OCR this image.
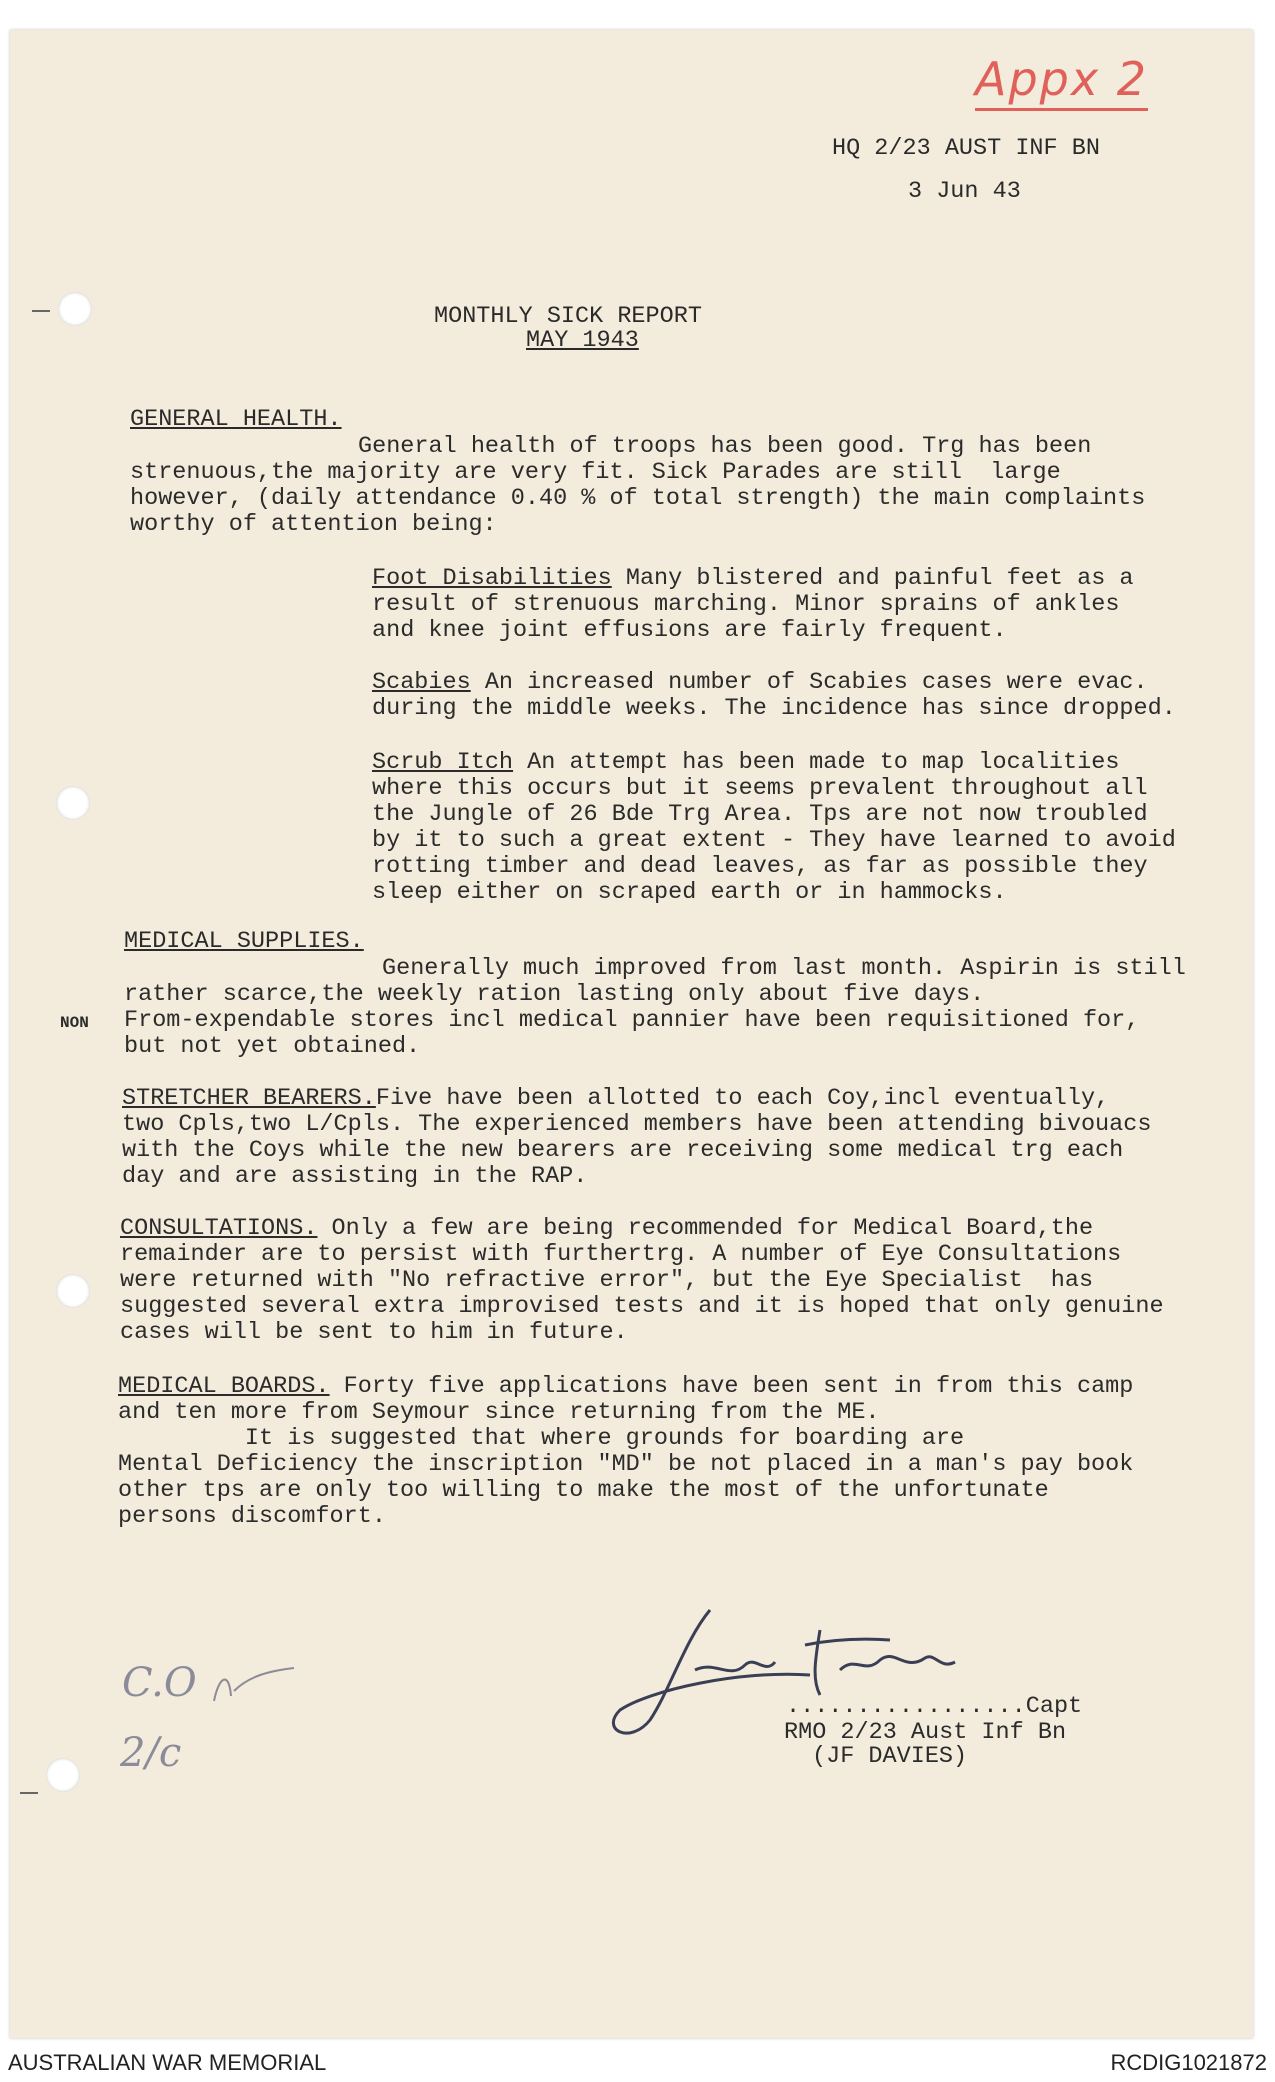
Appx 2
HQ 2/23 AUST INF BN
3 Jun 43
MONTHLY SICK REPORT
MAY 1943
GENERAL HEALTH.
General health of troops has been good. Trg has been
strenuous,the majority are very fit. Sick Parades are still  large
however, (daily attendance 0.40 % of total strength) the main complaints
worthy of attention being:
Foot Disabilities Many blistered and painful feet as a
result of strenuous marching. Minor sprains of ankles
and knee joint effusions are fairly frequent.
Scabies An increased number of Scabies cases were evac.
during the middle weeks. The incidence has since dropped.
Scrub Itch An attempt has been made to map localities
where this occurs but it seems prevalent throughout all
the Jungle of 26 Bde Trg Area. Tps are not now troubled
by it to such a great extent - They have learned to avoid
rotting timber and dead leaves, as far as possible they
sleep either on scraped earth or in hammocks.
MEDICAL SUPPLIES.
Generally much improved from last month. Aspirin is still
rather scarce,the weekly ration lasting only about five days.
NON From-expendable stores incl medical pannier have been requisitioned for,
but not yet obtained.
STRETCHER BEARERS.Five have been allotted to each Coy,incl eventually,
two Cpls,two L/Cpls. The experienced members have been attending bivouacs
with the Coys while the new bearers are receiving some medical trg each
day and are assisting in the RAP.
CONSULTATIONS. Only a few are being recommended for Medical Board,the
remainder are to persist with furthertrg. A number of Eye Consultations
were returned with "No refractive error", but the Eye Specialist  has
suggested several extra improvised tests and it is hoped that only genuine
cases will be sent to him in future.
MEDICAL BOARDS. Forty five applications have been sent in from this camp
and ten more from Seymour since returning from the ME.
It is suggested that where grounds for boarding are
Mental Deficiency the inscription "MD" be not placed in a man's pay book
other tps are only too willing to make the most of the unfortunate
persons discomfort.
.................Capt
RMO 2/23 Aust Inf Bn
(JF DAVIES)
C.O
2/c
AUSTRALIAN WAR MEMORIAL	RCDIG1021872
